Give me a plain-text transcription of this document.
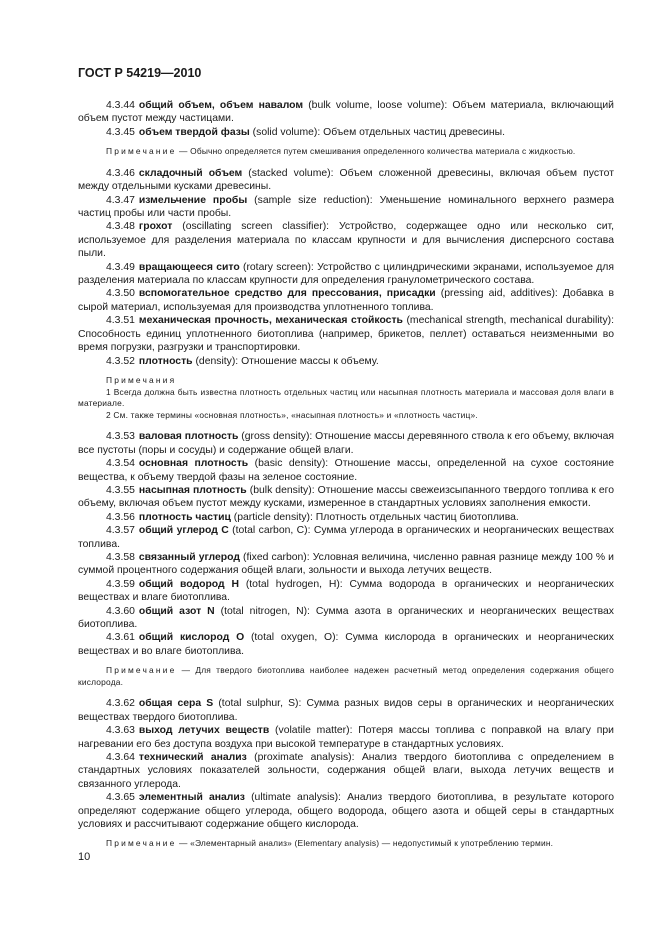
ГОСТ Р 54219—2010

4.3.44 общий объем, объем навалом (bulk volume, loose volume): Объем материала, включающий объем пустот между частицами.

4.3.45 объем твердой фазы (solid volume): Объем отдельных частиц древесины.

Примечание — Обычно определяется путем смешивания определенного количества материала с жидкостью.

4.3.46 складочный объем (stacked volume): Объем сложенной древесины, включая объем пустот между отдельными кусками древесины.

4.3.47 измельчение пробы (sample size reduction): Уменьшение номинального верхнего размера частиц пробы или части пробы.

4.3.48 грохот (oscillating screen classifier): Устройство, содержащее одно или несколько сит, используемое для разделения материала по классам крупности и для вычисления дисперсного состава пыли.

4.3.49 вращающееся сито (rotary screen): Устройство с цилиндрическими экранами, используемое для разделения материала по классам крупности для определения гранулометрического состава.

4.3.50 вспомогательное средство для прессования, присадки (pressing aid, additives): Добавка в сырой материал, используемая для производства уплотненного топлива.

4.3.51 механическая прочность, механическая стойкость (mechanical strength, mechanical durability): Способность единиц уплотненного биотоплива (например, брикетов, пеллет) оставаться неизменными во время погрузки, разгрузки и транспортировки.

4.3.52 плотность (density): Отношение массы к объему.

Примечания

1 Всегда должна быть известна плотность отдельных частиц или насыпная плотность материала и массовая доля влаги в материале.

2 См. также термины «основная плотность», «насыпная плотность» и «плотность частиц».

4.3.53 валовая плотность (gross density): Отношение массы деревянного ствола к его объему, включая все пустоты (поры и сосуды) и содержание общей влаги.

4.3.54 основная плотность (basic density): Отношение массы, определенной на сухое состояние вещества, к объему твердой фазы на зеленое состояние.

4.3.55 насыпная плотность (bulk density): Отношение массы свежеизсыпанного твердого топлива к его объему, включая объем пустот между кусками, измеренное в стандартных условиях заполнения емкости.

4.3.56 плотность частиц (particle density): Плотность отдельных частиц биотоплива.

4.3.57 общий углерод C (total carbon, C): Сумма углерода в органических и неорганических веществах топлива.

4.3.58 связанный углерод (fixed carbon): Условная величина, численно равная разнице между 100 % и суммой процентного содержания общей влаги, зольности и выхода летучих веществ.

4.3.59 общий водород H (total hydrogen, H): Сумма водорода в органических и неорганических веществах и влаге биотоплива.

4.3.60 общий азот N (total nitrogen, N): Сумма азота в органических и неорганических веществах биотоплива.

4.3.61 общий кислород O (total oxygen, O): Сумма кислорода в органических и неорганических веществах и во влаге биотоплива.

Примечание — Для твердого биотоплива наиболее надежен расчетный метод определения содержания общего кислорода.

4.3.62 общая сера S (total sulphur, S): Сумма разных видов серы в органических и неорганических веществах твердого биотоплива.

4.3.63 выход летучих веществ (volatile matter): Потеря массы топлива с поправкой на влагу при нагревании его без доступа воздуха при высокой температуре в стандартных условиях.

4.3.64 технический анализ (proximate analysis): Анализ твердого биотоплива с определением в стандартных условиях показателей зольности, содержания общей влаги, выхода летучих веществ и связанного углерода.

4.3.65 элементный анализ (ultimate analysis): Анализ твердого биотоплива, в результате которого определяют содержание общего углерода, общего водорода, общего азота и общей серы в стандартных условиях и рассчитывают содержание общего кислорода.

Примечание — «Элементарный анализ» (Elementary analysis) — недопустимый к употреблению термин.

10
